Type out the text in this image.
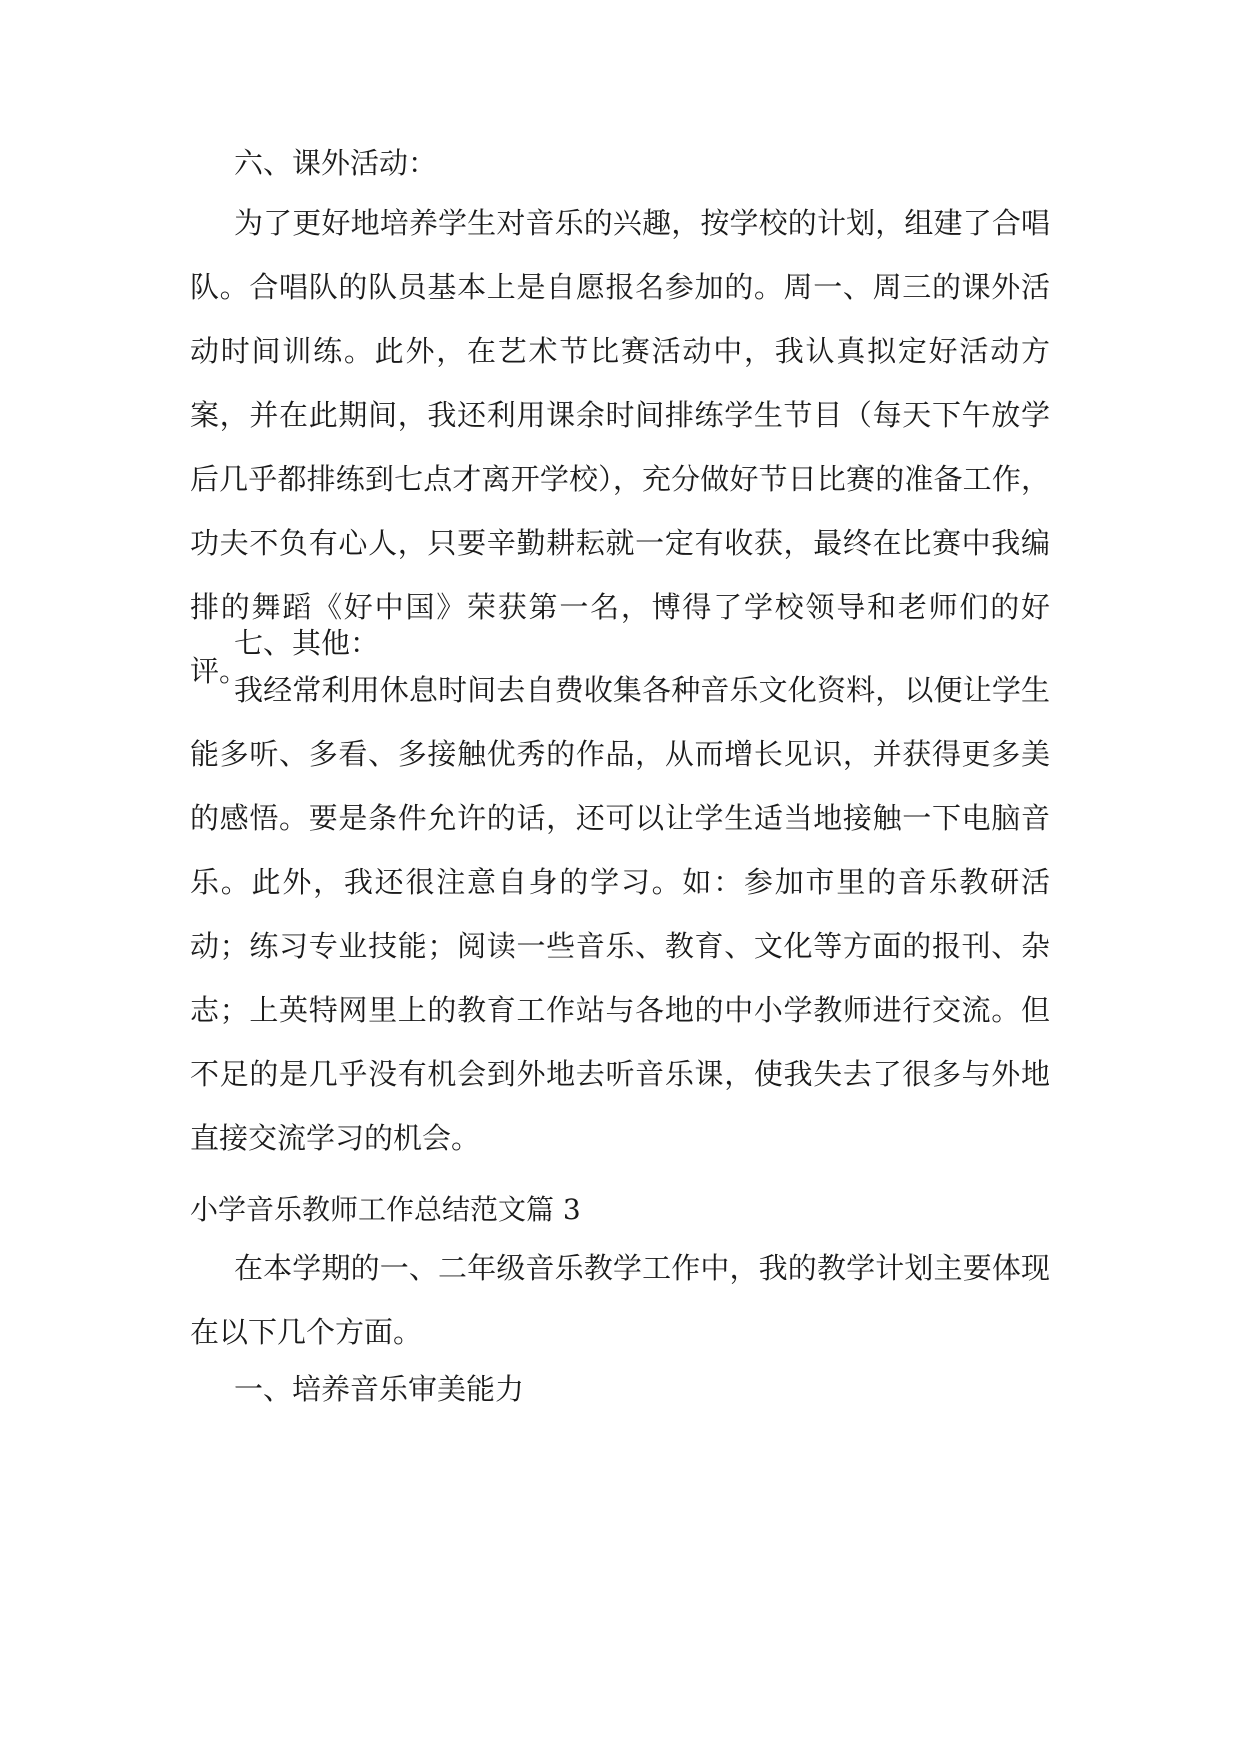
六、课外活动：

为了更好地培养学生对音乐的兴趣，按学校的计划，组建了合唱队。合唱队的队员基本上是自愿报名参加的。周一、周三的课外活动时间训练。此外，在艺术节比赛活动中，我认真拟定好活动方案，并在此期间，我还利用课余时间排练学生节目（每天下午放学后几乎都排练到七点才离开学校），充分做好节日比赛的准备工作，功夫不负有心人，只要辛勤耕耘就一定有收获，最终在比赛中我编排的舞蹈《好中国》荣获第一名，博得了学校领导和老师们的好评。

七、其他：

我经常利用休息时间去自费收集各种音乐文化资料，以便让学生能多听、多看、多接触优秀的作品，从而增长见识，并获得更多美的感悟。要是条件允许的话，还可以让学生适当地接触一下电脑音乐。此外，我还很注意自身的学习。如：参加市里的音乐教研活动；练习专业技能；阅读一些音乐、教育、文化等方面的报刊、杂志；上英特网里上的教育工作站与各地的中小学教师进行交流。但不足的是几乎没有机会到外地去听音乐课，使我失去了很多与外地直接交流学习的机会。

小学音乐教师工作总结范文篇 3

在本学期的一、二年级音乐教学工作中，我的教学计划主要体现在以下几个方面。

一、培养音乐审美能力
